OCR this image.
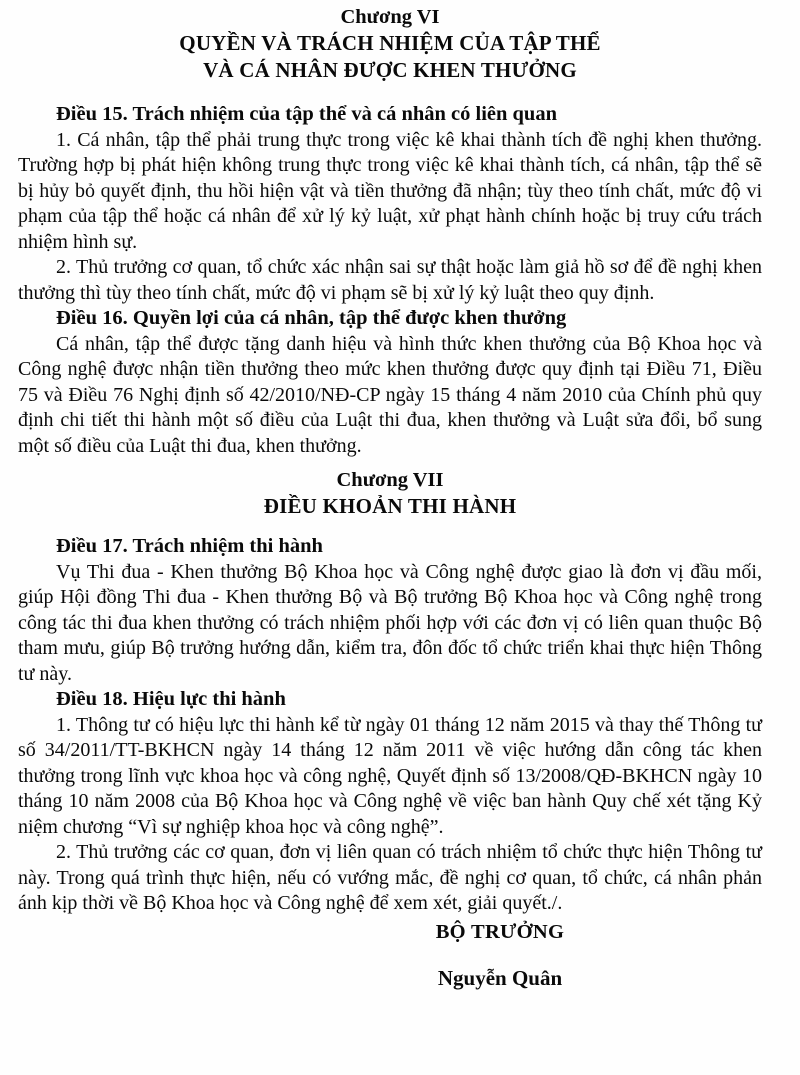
Chương VI
QUYỀN VÀ TRÁCH NHIỆM CỦA TẬP THỂ
VÀ CÁ NHÂN ĐƯỢC KHEN THƯỞNG
Điều 15. Trách nhiệm của tập thể và cá nhân có liên quan

1. Cá nhân, tập thể phải trung thực trong việc kê khai thành tích đề nghị khen thưởng. Trường hợp bị phát hiện không trung thực trong việc kê khai thành tích, cá nhân, tập thể sẽ bị hủy bỏ quyết định, thu hồi hiện vật và tiền thưởng đã nhận; tùy theo tính chất, mức độ vi phạm của tập thể hoặc cá nhân để xử lý kỷ luật, xử phạt hành chính hoặc bị truy cứu trách nhiệm hình sự.

2. Thủ trưởng cơ quan, tổ chức xác nhận sai sự thật hoặc làm giả hồ sơ để đề nghị khen thưởng thì tùy theo tính chất, mức độ vi phạm sẽ bị xử lý kỷ luật theo quy định.

Điều 16. Quyền lợi của cá nhân, tập thể được khen thưởng

Cá nhân, tập thể được tặng danh hiệu và hình thức khen thưởng của Bộ Khoa học và Công nghệ được nhận tiền thưởng theo mức khen thưởng được quy định tại Điều 71, Điều 75 và Điều 76 Nghị định số 42/2010/NĐ-CP ngày 15 tháng 4 năm 2010 của Chính phủ quy định chi tiết thi hành một số điều của Luật thi đua, khen thưởng và Luật sửa đổi, bổ sung một số điều của Luật thi đua, khen thưởng.

Chương VII
ĐIỀU KHOẢN THI HÀNH
Điều 17. Trách nhiệm thi hành

Vụ Thi đua - Khen thưởng Bộ Khoa học và Công nghệ được giao là đơn vị đầu mối, giúp Hội đồng Thi đua - Khen thưởng Bộ và Bộ trưởng Bộ Khoa học và Công nghệ trong công tác thi đua khen thưởng có trách nhiệm phối hợp với các đơn vị có liên quan thuộc Bộ tham mưu, giúp Bộ trưởng hướng dẫn, kiểm tra, đôn đốc tổ chức triển khai thực hiện Thông tư này.

Điều 18. Hiệu lực thi hành

1. Thông tư có hiệu lực thi hành kể từ ngày 01 tháng 12 năm 2015 và thay thế Thông tư số 34/2011/TT-BKHCN ngày 14 tháng 12 năm 2011 về việc hướng dẫn công tác khen thưởng trong lĩnh vực khoa học và công nghệ, Quyết định số 13/2008/QĐ-BKHCN ngày 10 tháng 10 năm 2008 của Bộ Khoa học và Công nghệ về việc ban hành Quy chế xét tặng Kỷ niệm chương “Vì sự nghiệp khoa học và công nghệ”.

2. Thủ trưởng các cơ quan, đơn vị liên quan có trách nhiệm tổ chức thực hiện Thông tư này. Trong quá trình thực hiện, nếu có vướng mắc, đề nghị cơ quan, tổ chức, cá nhân phản ánh kịp thời về Bộ Khoa học và Công nghệ để xem xét, giải quyết./.

BỘ TRƯỞNG
Nguyễn Quân
